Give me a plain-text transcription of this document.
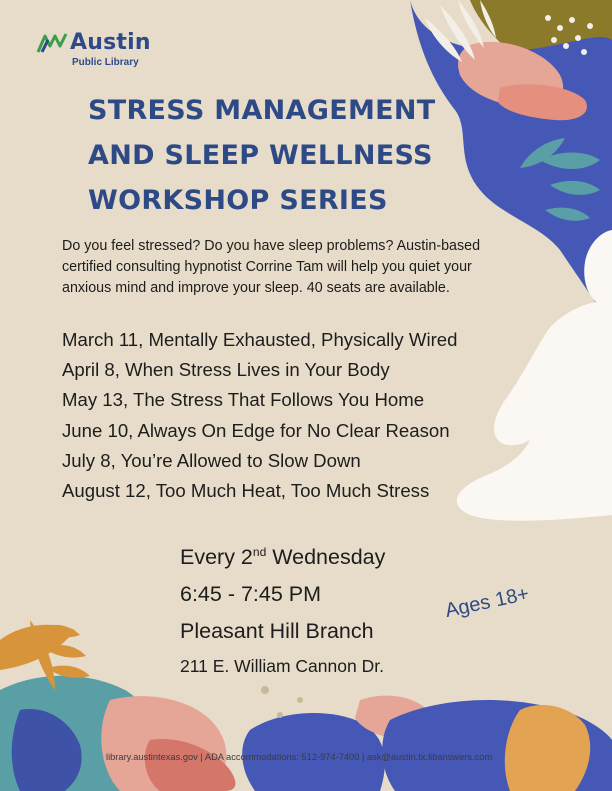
Austin
Public Library
STRESS MANAGEMENT
AND SLEEP WELLNESS
WORKSHOP SERIES

Do you feel stressed? Do you have sleep problems? Austin-based certified consulting hypnotist Corrine Tam will help you quiet your anxious mind and improve your sleep. 40 seats are available.

March 11, Mentally Exhausted, Physically Wired
April 8, When Stress Lives in Your Body
May 13, The Stress That Follows You Home
June 10, Always On Edge for No Clear Reason
July 8, You’re Allowed to Slow Down
August 12, Too Much Heat, Too Much Stress
Every 2nd Wednesday
6:45 - 7:45 PM
Pleasant Hill Branch
211 E. William Cannon Dr.
Ages 18+
library.austintexas.gov | ADA accommodations: 512-974-7400 | ask@austin.tx.libanswers.com
